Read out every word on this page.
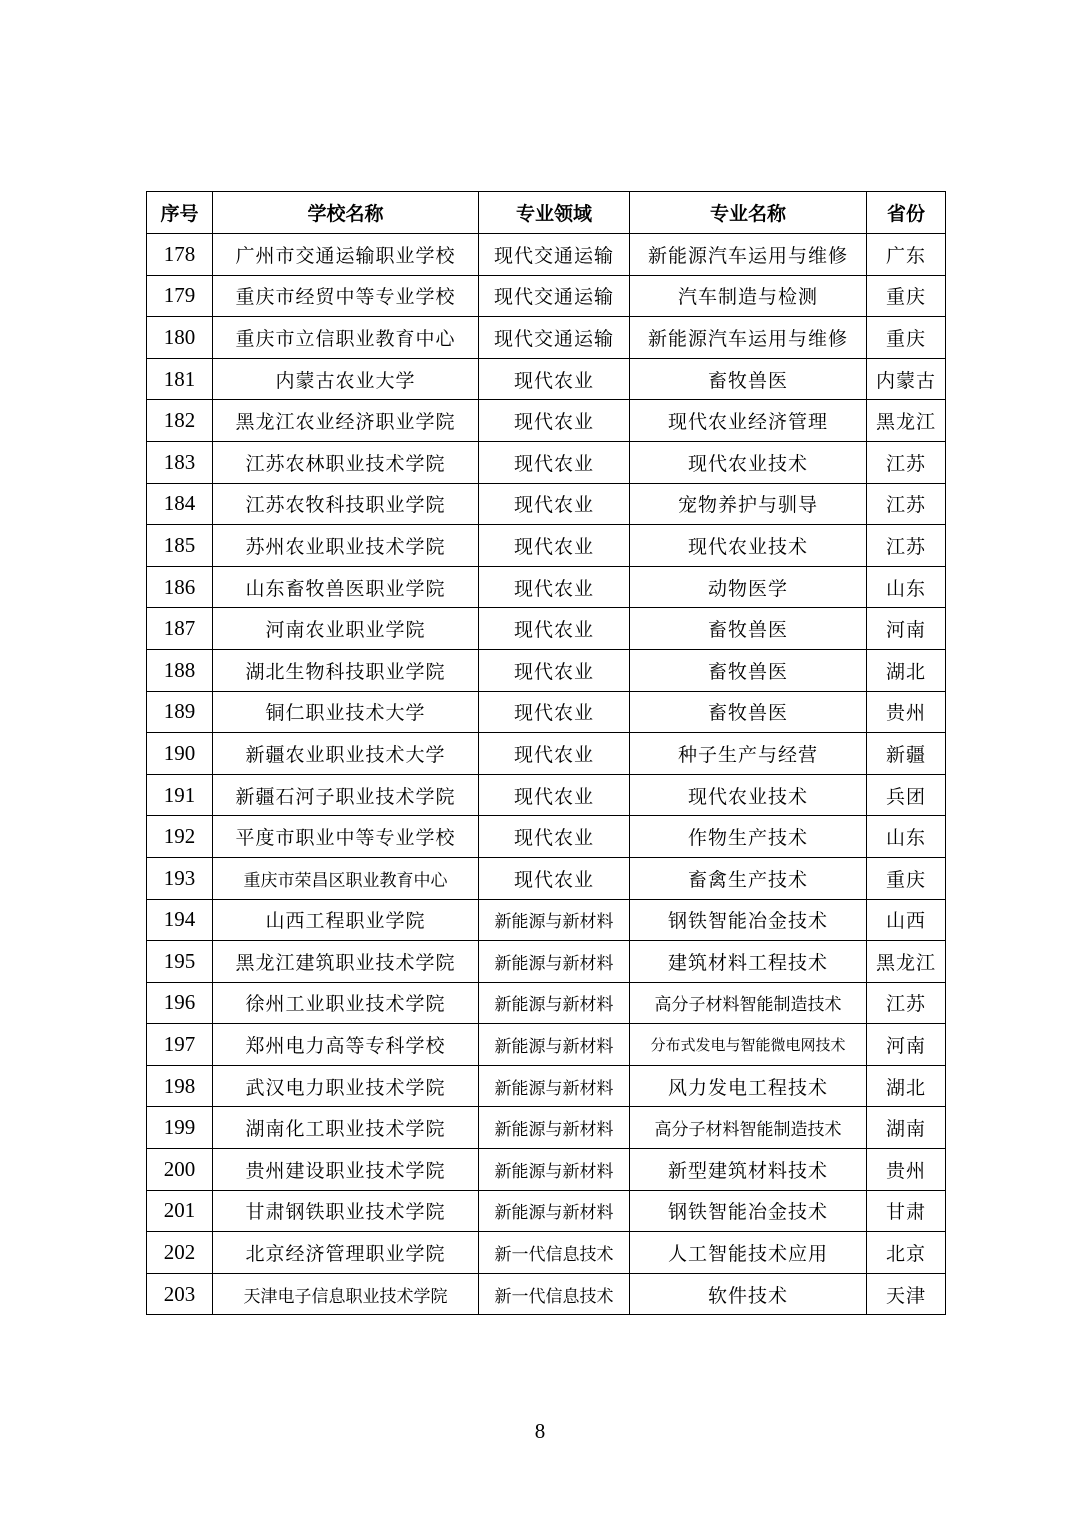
序号	学校名称	专业领域	专业名称	省份
178	广州市交通运输职业学校	现代交通运输	新能源汽车运用与维修	广东
179	重庆市经贸中等专业学校	现代交通运输	汽车制造与检测	重庆
180	重庆市立信职业教育中心	现代交通运输	新能源汽车运用与维修	重庆
181	内蒙古农业大学	现代农业	畜牧兽医	内蒙古
182	黑龙江农业经济职业学院	现代农业	现代农业经济管理	黑龙江
183	江苏农林职业技术学院	现代农业	现代农业技术	江苏
184	江苏农牧科技职业学院	现代农业	宠物养护与驯导	江苏
185	苏州农业职业技术学院	现代农业	现代农业技术	江苏
186	山东畜牧兽医职业学院	现代农业	动物医学	山东
187	河南农业职业学院	现代农业	畜牧兽医	河南
188	湖北生物科技职业学院	现代农业	畜牧兽医	湖北
189	铜仁职业技术大学	现代农业	畜牧兽医	贵州
190	新疆农业职业技术大学	现代农业	种子生产与经营	新疆
191	新疆石河子职业技术学院	现代农业	现代农业技术	兵团
192	平度市职业中等专业学校	现代农业	作物生产技术	山东
193	重庆市荣昌区职业教育中心	现代农业	畜禽生产技术	重庆
194	山西工程职业学院	新能源与新材料	钢铁智能冶金技术	山西
195	黑龙江建筑职业技术学院	新能源与新材料	建筑材料工程技术	黑龙江
196	徐州工业职业技术学院	新能源与新材料	高分子材料智能制造技术	江苏
197	郑州电力高等专科学校	新能源与新材料	分布式发电与智能微电网技术	河南
198	武汉电力职业技术学院	新能源与新材料	风力发电工程技术	湖北
199	湖南化工职业技术学院	新能源与新材料	高分子材料智能制造技术	湖南
200	贵州建设职业技术学院	新能源与新材料	新型建筑材料技术	贵州
201	甘肃钢铁职业技术学院	新能源与新材料	钢铁智能冶金技术	甘肃
202	北京经济管理职业学院	新一代信息技术	人工智能技术应用	北京
203	天津电子信息职业技术学院	新一代信息技术	软件技术	天津
8
